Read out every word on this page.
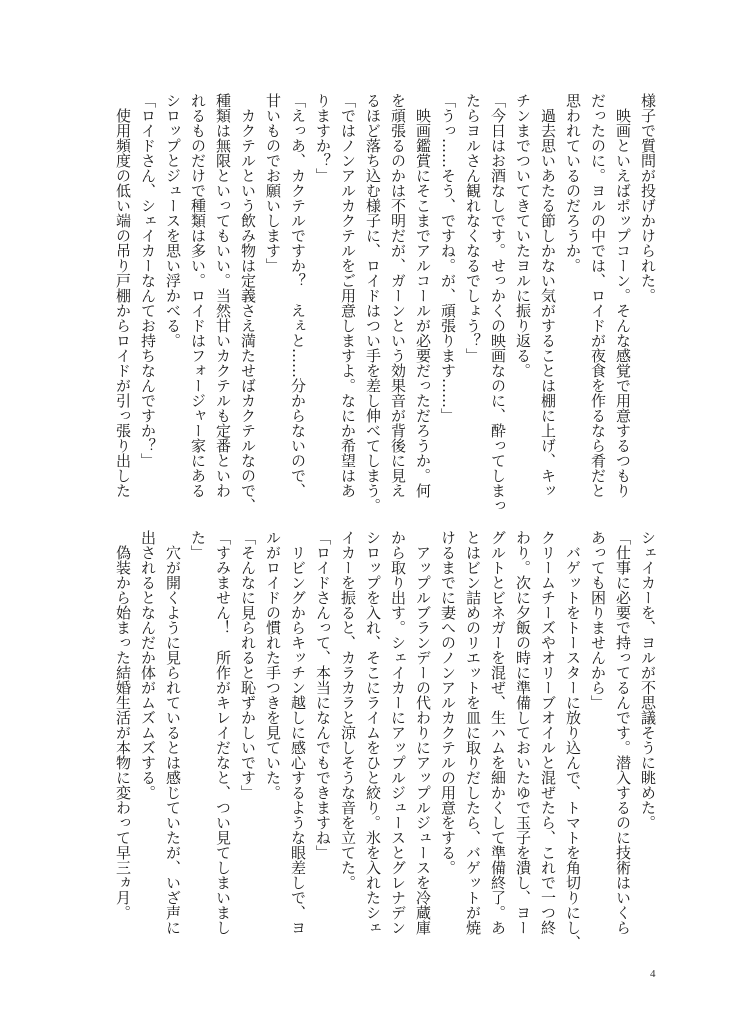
様子で質問が投げかけられた。
　映画といえばポップコーン。そんな感覚で用意するつもり
だったのに。ヨルの中では、ロイドが夜食を作るなら肴だと
思われているのだろうか。
　過去思いあたる節しかない気がすることは棚に上げ、キッ
チンまでついてきていたヨルに振り返る。
「今日はお酒なしです。せっかくの映画なのに、酔ってしまっ
たらヨルさん観れなくなるでしょう？」
「うっ……そう、ですね。が、頑張ります……」
　映画鑑賞にそこまでアルコールが必要だっただろうか。何
を頑張るのかは不明だが、ガーンという効果音が背後に見え
るほど落ち込む様子に、ロイドはつい手を差し伸べてしまう。
「ではノンアルカクテルをご用意しますよ。なにか希望はあ
りますか？」
「えっあ、カクテルですか？　えぇと……分からないので、
甘いものでお願いします」
　カクテルという飲み物は定義さえ満たせばカクテルなので、
種類は無限といってもいい。当然甘いカクテルも定番といわ
れるものだけで種類は多い。ロイドはフォージャー家にある
シロップとジュースを思い浮かべる。
「ロイドさん、シェイカーなんてお持ちなんですか？」
　使用頻度の低い端の吊り戸棚からロイドが引っ張り出した
シェイカーを、ヨルが不思議そうに眺めた。
「仕事に必要で持ってるんです。潜入するのに技術はいくら
あっても困りませんから」
　バゲットをトースターに放り込んで、トマトを角切りにし、
クリームチーズやオリーブオイルと混ぜたら、これで一つ終
わり。次に夕飯の時に準備しておいたゆで玉子を潰し、ヨー
グルトとビネガーを混ぜ、生ハムを細かくして準備終了。あ
とはビン詰めのリエットを皿に取りだしたら、バゲットが焼
けるまでに妻へのノンアルカクテルの用意をする。
　アップルブランデーの代わりにアップルジュースを冷蔵庫
から取り出す。シェイカーにアップルジュースとグレナデン
シロップを入れ、そこにライムをひと絞り。氷を入れたシェ
イカーを振ると、カラカラと涼しそうな音を立てた。
「ロイドさんって、本当になんでもできますね」
　リビングからキッチン越しに感心するような眼差しで、ヨ
ルがロイドの慣れた手つきを見ていた。
「そんなに見られると恥ずかしいです」
「すみません！　所作がキレイだなと、つい見てしまいまし
た」
　穴が開くように見られているとは感じていたが、いざ声に
出されるとなんだか体がムズムズする。
　偽装から始まった結婚生活が本物に変わって早三ヵ月。
4
